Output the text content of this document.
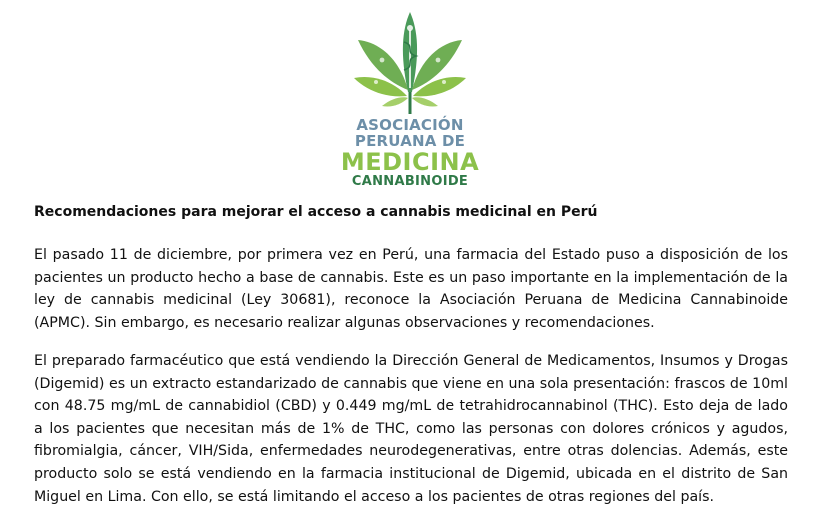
ASOCIACIÓN
PERUANA DE
MEDICINA
CANNABINOIDE
Recomendaciones para mejorar el acceso a cannabis medicinal en Perú

El pasado 11 de diciembre, por primera vez en Perú, una farmacia del Estado puso a disposición de los pacientes un producto hecho a base de cannabis. Este es un paso importante en la implementación de la ley de cannabis medicinal (Ley 30681), reconoce la Asociación Peruana de Medicina Cannabinoide (APMC). Sin embargo, es necesario realizar algunas observaciones y recomendaciones.

El preparado farmacéutico que está vendiendo la Dirección General de Medicamentos, Insumos y Drogas (Digemid) es un extracto estandarizado de cannabis que viene en una sola presentación: frascos de 10ml con 48.75 mg/mL de cannabidiol (CBD) y 0.449 mg/mL de tetrahidrocannabinol (THC). Esto deja de lado a los pacientes que necesitan más de 1% de THC, como las personas con dolores crónicos y agudos, fibromialgia, cáncer, VIH/Sida, enfermedades neurodegenerativas, entre otras dolencias. Además, este producto solo se está vendiendo en la farmacia institucional de Digemid, ubicada en el distrito de San Miguel en Lima. Con ello, se está limitando el acceso a los pacientes de otras regiones del país.
